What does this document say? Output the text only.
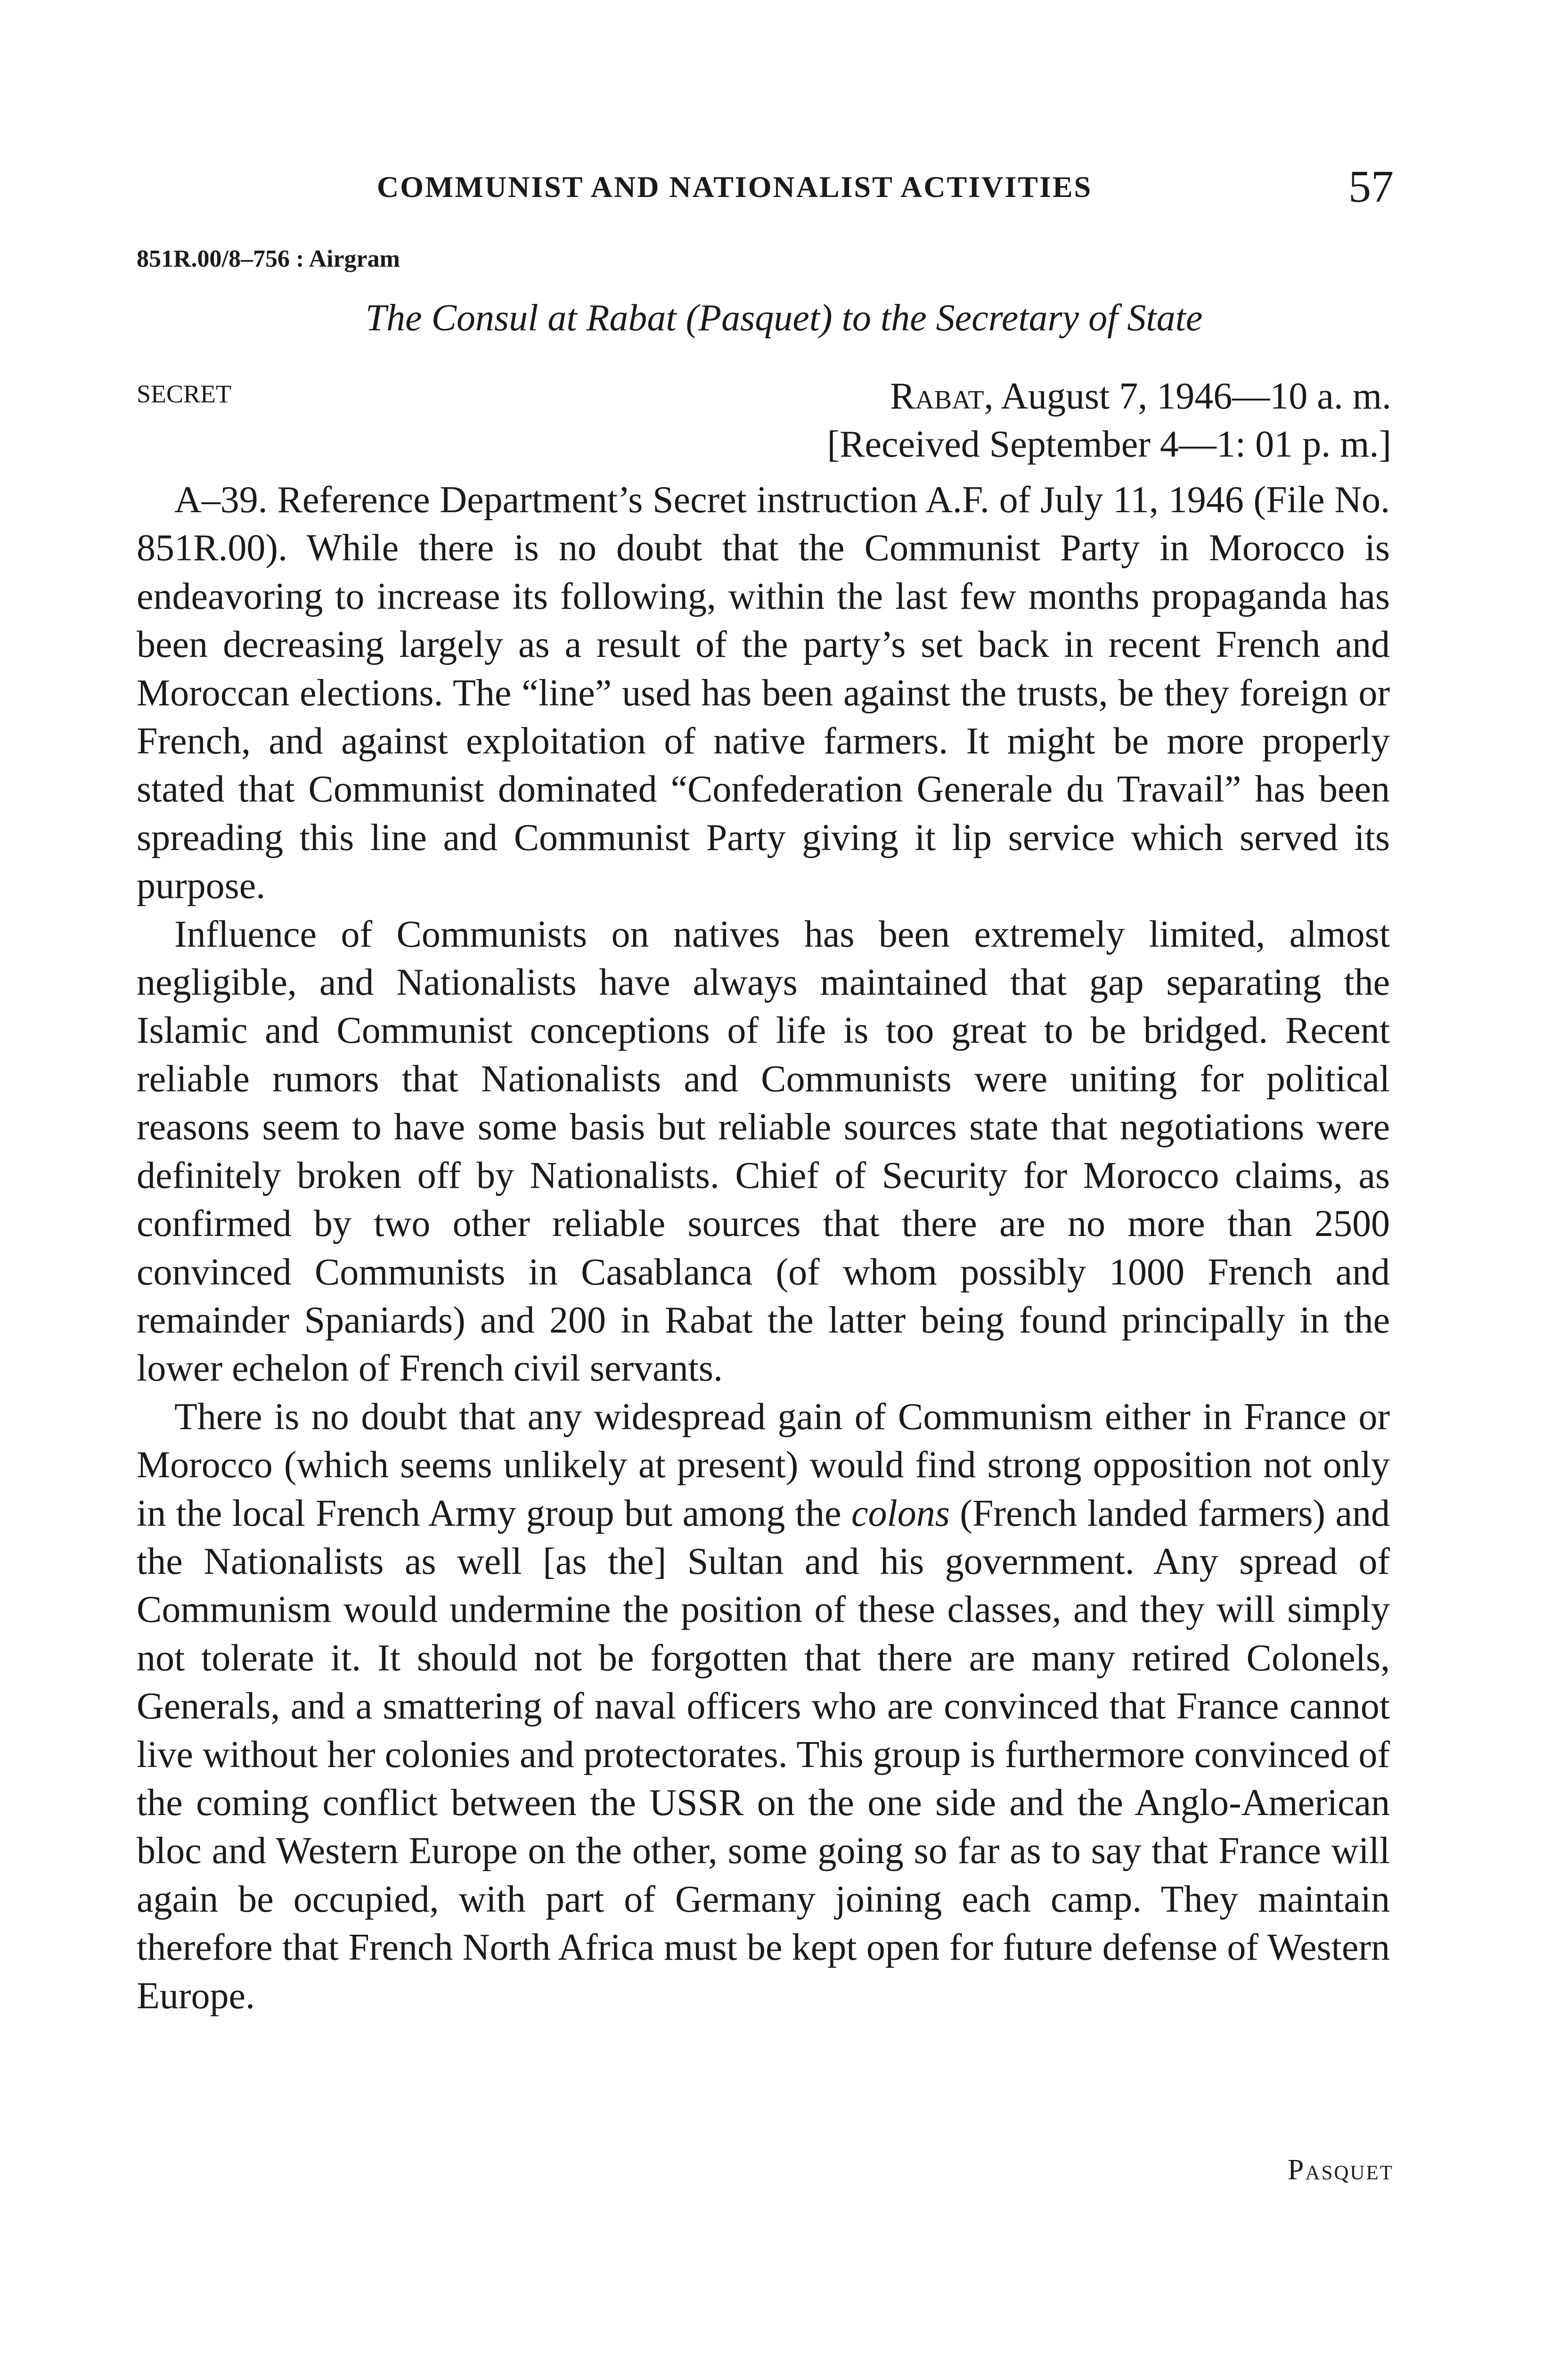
COMMUNIST AND NATIONALIST ACTIVITIES	57
851R.00/8–756 : Airgram
The Consul at Rabat (Pasquet) to the Secretary of State
SECRET	Rabat, August 7, 1946—10 a. m.
[Received September 4—1: 01 p. m.]

A–39. Reference Department’s Secret instruction A.F. of July 11, 1946 (File No. 851R.00). While there is no doubt that the Communist Party in Morocco is endeavoring to increase its following, within the last few months propaganda has been decreasing largely as a result of the party’s set back in recent French and Moroccan elections. The “line” used has been against the trusts, be they foreign or French, and against exploitation of native farmers. It might be more properly stated that Communist dominated “Confederation Generale du Travail” has been spreading this line and Communist Party giving it lip service which served its purpose.

Influence of Communists on natives has been extremely limited, almost negligible, and Nationalists have always maintained that gap separating the Islamic and Communist conceptions of life is too great to be bridged. Recent reliable rumors that Nationalists and Communists were uniting for political reasons seem to have some basis but reliable sources state that negotiations were definitely broken off by Nationalists. Chief of Security for Morocco claims, as confirmed by two other reliable sources that there are no more than 2500 convinced Communists in Casablanca (of whom possibly 1000 French and remainder Spaniards) and 200 in Rabat the latter being found principally in the lower echelon of French civil servants.

There is no doubt that any widespread gain of Communism either in France or Morocco (which seems unlikely at present) would find strong opposition not only in the local French Army group but among the colons (French landed farmers) and the Nationalists as well [as the] Sultan and his government. Any spread of Communism would undermine the position of these classes, and they will simply not tolerate it. It should not be forgotten that there are many retired Colonels, Generals, and a smattering of naval officers who are convinced that France cannot live without her colonies and protectorates. This group is furthermore convinced of the coming conflict between the USSR on the one side and the Anglo-American bloc and Western Europe on the other, some going so far as to say that France will again be occupied, with part of Germany joining each camp. They maintain therefore that French North Africa must be kept open for future defense of Western Europe.

Pasquet
